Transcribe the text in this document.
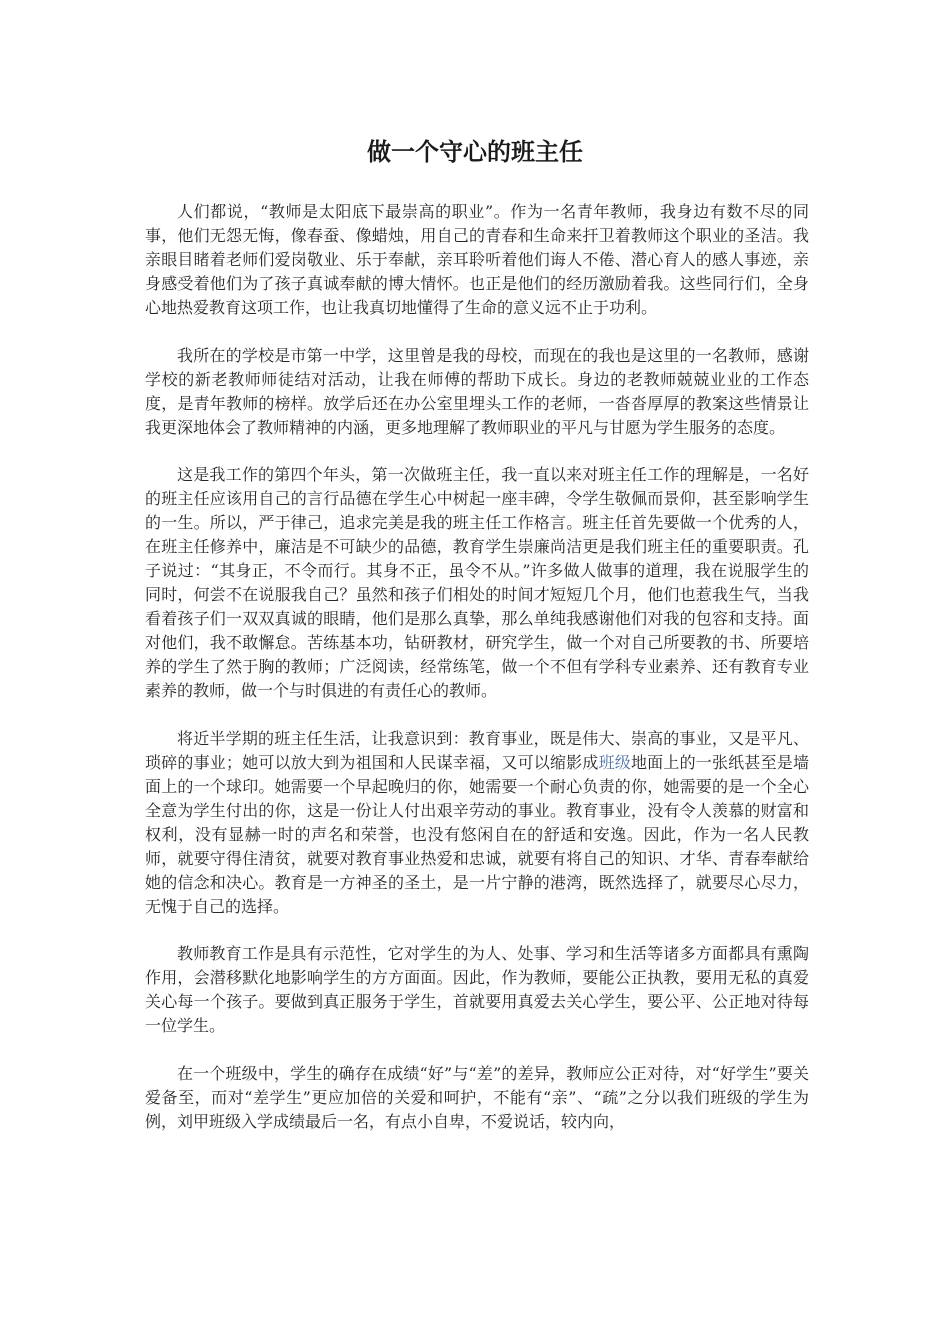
做一个守心的班主任

人们都说，“教师是太阳底下最崇高的职业”。作为一名青年教师，我身边有数不尽的同事，他们无怨无悔，像春蚕、像蜡烛，用自己的青春和生命来扞卫着教师这个职业的圣洁。我亲眼目睹着老师们爱岗敬业、乐于奉献，亲耳聆听着他们诲人不倦、潜心育人的感人事迹，亲身感受着他们为了孩子真诚奉献的博大情怀。也正是他们的经历激励着我。这些同行们，全身心地热爱教育这项工作，也让我真切地懂得了生命的意义远不止于功利。

我所在的学校是市第一中学，这里曾是我的母校，而现在的我也是这里的一名教师，感谢学校的新老教师师徒结对活动，让我在师傅的帮助下成长。身边的老教师兢兢业业的工作态度，是青年教师的榜样。放学后还在办公室里埋头工作的老师，一沓沓厚厚的教案这些情景让我更深地体会了教师精神的内涵，更多地理解了教师职业的平凡与甘愿为学生服务的态度。

这是我工作的第四个年头，第一次做班主任，我一直以来对班主任工作的理解是，一名好的班主任应该用自己的言行品德在学生心中树起一座丰碑，令学生敬佩而景仰，甚至影响学生的一生。所以，严于律己，追求完美是我的班主任工作格言。班主任首先要做一个优秀的人，在班主任修养中，廉洁是不可缺少的品德，教育学生崇廉尚洁更是我们班主任的重要职责。孔子说过：“其身正，不令而行。其身不正，虽令不从。”许多做人做事的道理，我在说服学生的同时，何尝不在说服我自己？虽然和孩子们相处的时间才短短几个月，他们也惹我生气，当我看着孩子们一双双真诚的眼睛，他们是那么真挚，那么单纯我感谢他们对我的包容和支持。面对他们，我不敢懈怠。苦练基本功，钻研教材，研究学生，做一个对自己所要教的书、所要培养的学生了然于胸的教师；广泛阅读，经常练笔，做一个不但有学科专业素养、还有教育专业素养的教师，做一个与时俱进的有责任心的教师。

将近半学期的班主任生活，让我意识到：教育事业，既是伟大、崇高的事业，又是平凡、琐碎的事业；她可以放大到为祖国和人民谋幸福，又可以缩影成班级地面上的一张纸甚至是墙面上的一个球印。她需要一个早起晚归的你，她需要一个耐心负责的你，她需要的是一个全心全意为学生付出的你，这是一份让人付出艰辛劳动的事业。教育事业，没有令人羡慕的财富和权利，没有显赫一时的声名和荣誉，也没有悠闲自在的舒适和安逸。因此，作为一名人民教师，就要守得住清贫，就要对教育事业热爱和忠诚，就要有将自己的知识、才华、青春奉献给她的信念和决心。教育是一方神圣的圣土，是一片宁静的港湾，既然选择了，就要尽心尽力，无愧于自己的选择。

教师教育工作是具有示范性，它对学生的为人、处事、学习和生活等诸多方面都具有熏陶作用，会潜移默化地影响学生的方方面面。因此，作为教师，要能公正执教，要用无私的真爱关心每一个孩子。要做到真正服务于学生，首就要用真爱去关心学生，要公平、公正地对待每一位学生。

在一个班级中，学生的确存在成绩“好”与“差”的差异，教师应公正对待，对“好学生”要关爱备至，而对“差学生”更应加倍的关爱和呵护，不能有“亲”、“疏”之分以我们班级的学生为例，刘甲班级入学成绩最后一名，有点小自卑，不爱说话，较内向，
